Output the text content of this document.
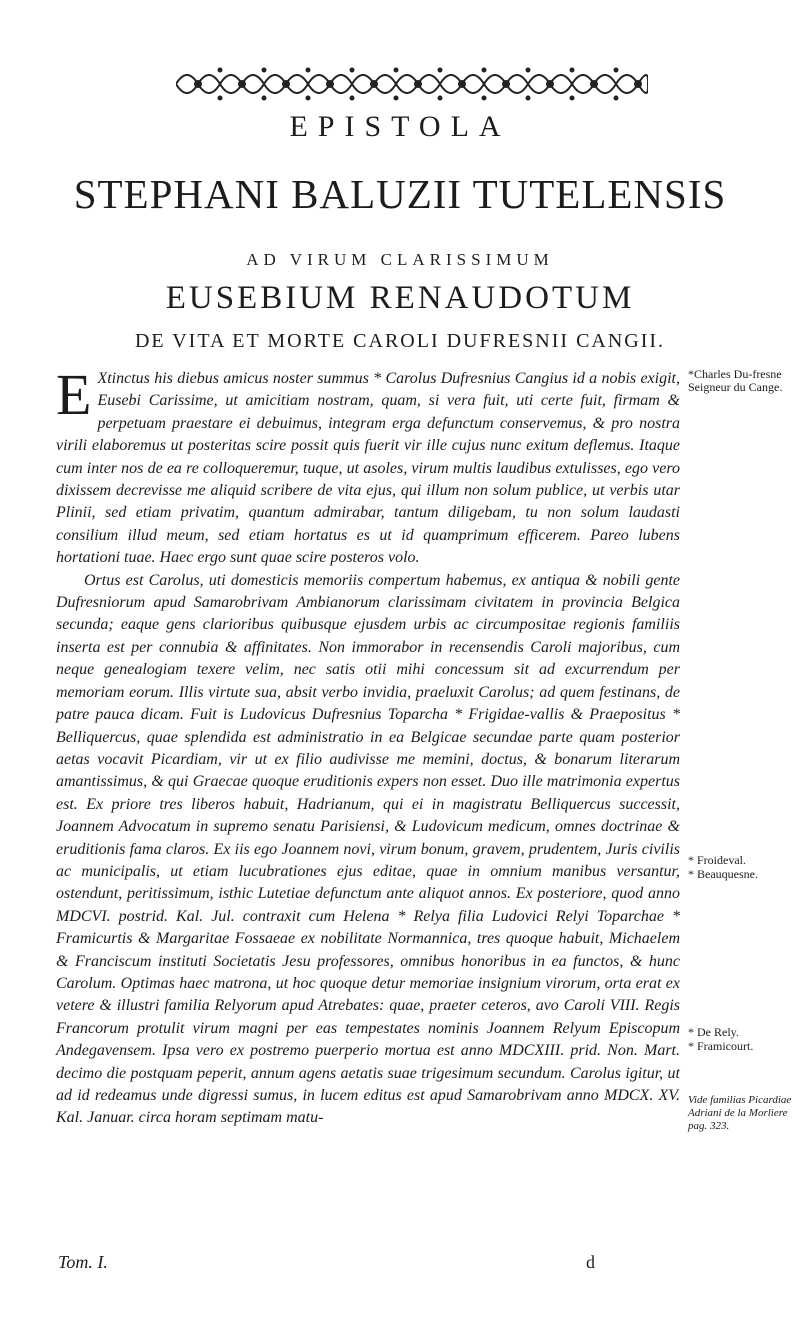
EPISTOLA
STEPHANI BALUZII TUTELENSIS
AD VIRUM CLARISSIMUM
EUSEBIUM RENAUDOTUM
DE VITA ET MORTE CAROLI DUFRESNII CANGII.

E Xtinctus his diebus amicus noster summus * Carolus Dufresnius Cangius id a nobis exigit, Eusebi Carissime, ut amicitiam nostram, quam, si vera fuit, uti certe fuit, firmam & perpetuam praestare ei debuimus, integram erga defunctum conservemus, & pro nostra virili elaboremus ut posteritas scire possit quis fuerit vir ille cujus nunc exitum deflemus. Itaque cum inter nos de ea re colloqueremur, tuque, ut asoles, virum multis laudibus extulisses, ego vero dixissem decrevisse me aliquid scribere de vita ejus, qui illum non solum publice, ut verbis utar Plinii, sed etiam privatim, quantum admirabar, tantum diligebam, tu non solum laudasti consilium illud meum, sed etiam hortatus es ut id quamprimum efficerem. Pareo lubens hortationi tuae. Haec ergo sunt quae scire posteros volo.

Ortus est Carolus, uti domesticis memoriis compertum habemus, ex antiqua & nobili gente Dufresniorum apud Samarobrivam Ambianorum clarissimam civitatem in provincia Belgica secunda; eaque gens clarioribus quibusque ejusdem urbis ac circumpositae regionis familiis inserta est per connubia & affinitates. Non immorabor in recensendis Caroli majoribus, cum neque genealogiam texere velim, nec satis otii mihi concessum sit ad excurrendum per memoriam eorum. Illis virtute sua, absit verbo invidia, praeluxit Carolus; ad quem festinans, de patre pauca dicam. Fuit is Ludovicus Dufresnius Toparcha * Frigidae-vallis & Praepositus * Belliquercus, quae splendida est administratio in ea Belgicae secundae parte quam posterior aetas vocavit Picardiam, vir ut ex filio audivisse me memini, doctus, & bonarum literarum amantissimus, & qui Graecae quoque eruditionis expers non esset. Duo ille matrimonia expertus est. Ex priore tres liberos habuit, Hadrianum, qui ei in magistratu Belliquercus successit, Joannem Advocatum in supremo senatu Parisiensi, & Ludovicum medicum, omnes doctrinae & eruditionis fama claros. Ex iis ego Joannem novi, virum bonum, gravem, prudentem, Juris civilis ac municipalis, ut etiam lucubrationes ejus editae, quae in omnium manibus versantur, ostendunt, peritissimum, isthic Lutetiae defunctum ante aliquot annos. Ex posteriore, quod anno MDCVI. postrid. Kal. Jul. contraxit cum Helena * Relya filia Ludovici Relyi Toparchae * Framicurtis & Margaritae Fossaeae ex nobilitate Normannica, tres quoque habuit, Michaelem & Franciscum instituti Societatis Jesu professores, omnibus honoribus in ea functos, & hunc Carolum. Optimas haec matrona, ut hoc quoque detur memoriae insignium virorum, orta erat ex vetere & illustri familia Relyorum apud Atrebates: quae, praeter ceteros, avo Caroli VIII. Regis Francorum protulit virum magni per eas tempestates nominis Joannem Relyum Episcopum Andegavensem. Ipsa vero ex postremo puerperio mortua est anno MDCXIII. prid. Non. Mart. decimo die postquam peperit, annum agens aetatis suae trigesimum secundum. Carolus igitur, ut ad id redeamus unde digressi sumus, in lucem editus est apud Samarobrivam anno MDCX. XV. Kal. Januar. circa horam septimam matu-

*Charles Du-fresne Seigneur du Cange.
* Froideval.
* Beauquesne.
* De Rely.
* Framicourt.
Vide familias Picardiae Adriani de la Morliere pag. 323.
Tom. I.	d
